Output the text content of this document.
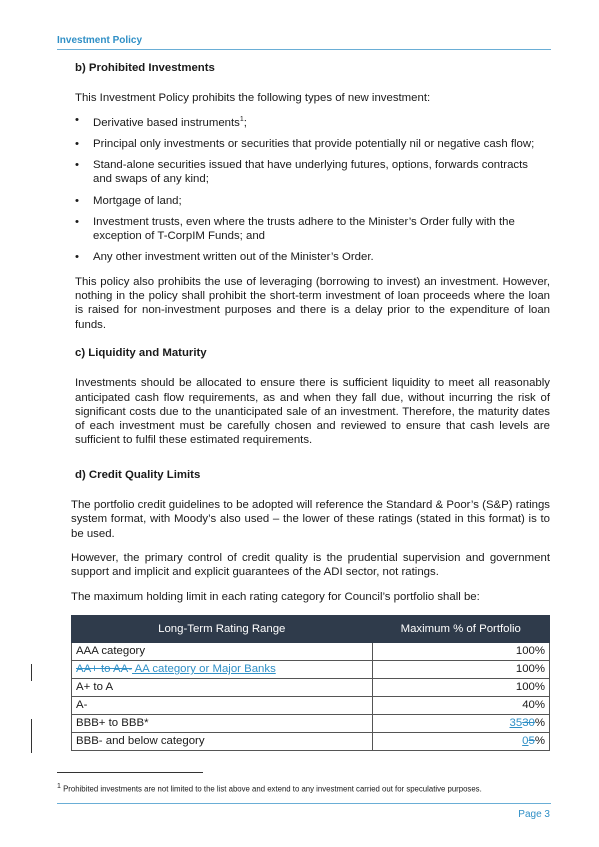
Investment Policy
b) Prohibited Investments

This Investment Policy prohibits the following types of new investment:

• Derivative based instruments$^1$;
• Principal only investments or securities that provide potentially nil or negative cash flow;
• Stand-alone securities issued that have underlying futures, options, forwards contracts and swaps of any kind;
• Mortgage of land;
• Investment trusts, even where the trusts adhere to the Minister’s Order fully with the exception of T-CorpIM Funds; and
• Any other investment written out of the Minister’s Order.

This policy also prohibits the use of leveraging (borrowing to invest) an investment. However, nothing in the policy shall prohibit the short-term investment of loan proceeds where the loan is raised for non-investment purposes and there is a delay prior to the expenditure of loan funds.

c) Liquidity and Maturity

Investments should be allocated to ensure there is sufficient liquidity to meet all reasonably anticipated cash flow requirements, as and when they fall due, without incurring the risk of significant costs due to the unanticipated sale of an investment. Therefore, the maturity dates of each investment must be carefully chosen and reviewed to ensure that cash levels are sufficient to fulfil these estimated requirements.

d) Credit Quality Limits

The portfolio credit guidelines to be adopted will reference the Standard & Poor’s (S&P) ratings system format, with Moody’s also used – the lower of these ratings (stated in this format) is to be used.

However, the primary control of credit quality is the prudential supervision and government support and implicit and explicit guarantees of the ADI sector, not ratings.

The maximum holding limit in each rating category for Council’s portfolio shall be:

Long-Term Rating Range	Maximum % of Portfolio
AAA category	100%
AA+ to AA- AA category or Major Banks	100%
A+ to A	100%
A-	40%
BBB+ to BBB*	3530%
BBB- and below category	05%
$^1$ Prohibited investments are not limited to the list above and extend to any investment carried out for speculative purposes.
Page 3
